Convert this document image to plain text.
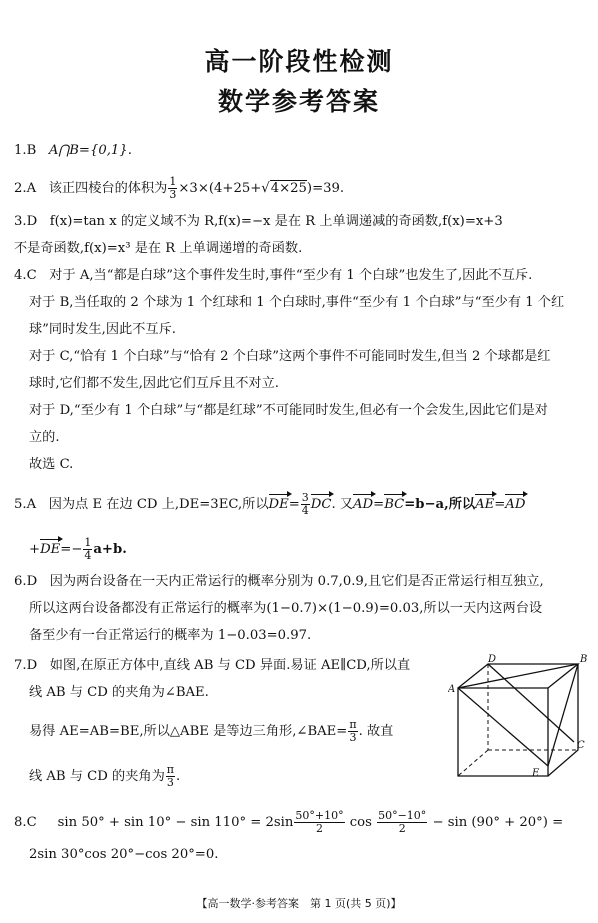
高一阶段性检测
数学参考答案
1.B A⋂B={0,1}.
2.A 该正四棱台的体积为 $\frac{1}{3} \times 3\times(4+25+√4\times 25)=39$.
3.D f(x)=tan x 的定义域不为 R,f(x)=−x 是在 R 上单调递减的奇函数,f(x)=x+3
不是奇函数,f(x)=x³ 是在 R 上单调递增的奇函数.
4.C 对于 A,当“都是白球”这个事件发生时,事件“至少有 1 个白球”也发生了,因此不互斥.
对于 B,当任取的 2 个球为 1 个红球和 1 个白球时,事件“至少有 1 个白球”与“至少有 1 个红
球”同时发生,因此不互斥.
对于 C,“恰有 1 个白球”与“恰有 2 个白球”这两个事件不可能同时发生,但当 2 个球都是红
球时,它们都不发生,因此它们互斥且不对立.
对于 D,“至少有 1 个白球”与“都是红球”不可能同时发生,但必有一个会发生,因此它们是对
立的.
故选 C.
5.A 因为点 E 在边 CD 上,DE=3EC,所以$DE= \frac{3}{4}$ DC. 又AD=BC=b−a,所以AE=AD
$+DE=- \frac{1}{4} a+b$.
6.D 因为两台设备在一天内正常运行的概率分别为 0.7,0.9,且它们是否正常运行相互独立,
所以这两台设备都没有正常运行的概率为(1−0.7)×(1−0.9)=0.03,所以一天内这两台设
备至少有一台正常运行的概率为 1−0.03=0.97.
7.D 如图,在原正方体中,直线 AB 与 CD 异面.易证 AE∥CD,所以直
线 AB 与 CD 的夹角为∠BAE.
易得 AE=AB=BE,所以△ABE 是等边三角形,∠BAE= $\frac{\pi}{3}$ . 故直
线 AB 与 CD 的夹角为 $\frac{\pi}{3}$ .
A
B
C
D
E
8.C $\sin 50^\circ + \sin 10^\circ - \sin 110^\circ = 2\sin \frac{50^\circ+10^\circ}{2}$ $\cos \frac{50^\circ-10^\circ}{2} - \sin (90^\circ + 20^\circ)$ =
2sin 30°cos 20°−cos 20°=0.
【高一数学·参考答案　第 1 页(共 5 页)】
